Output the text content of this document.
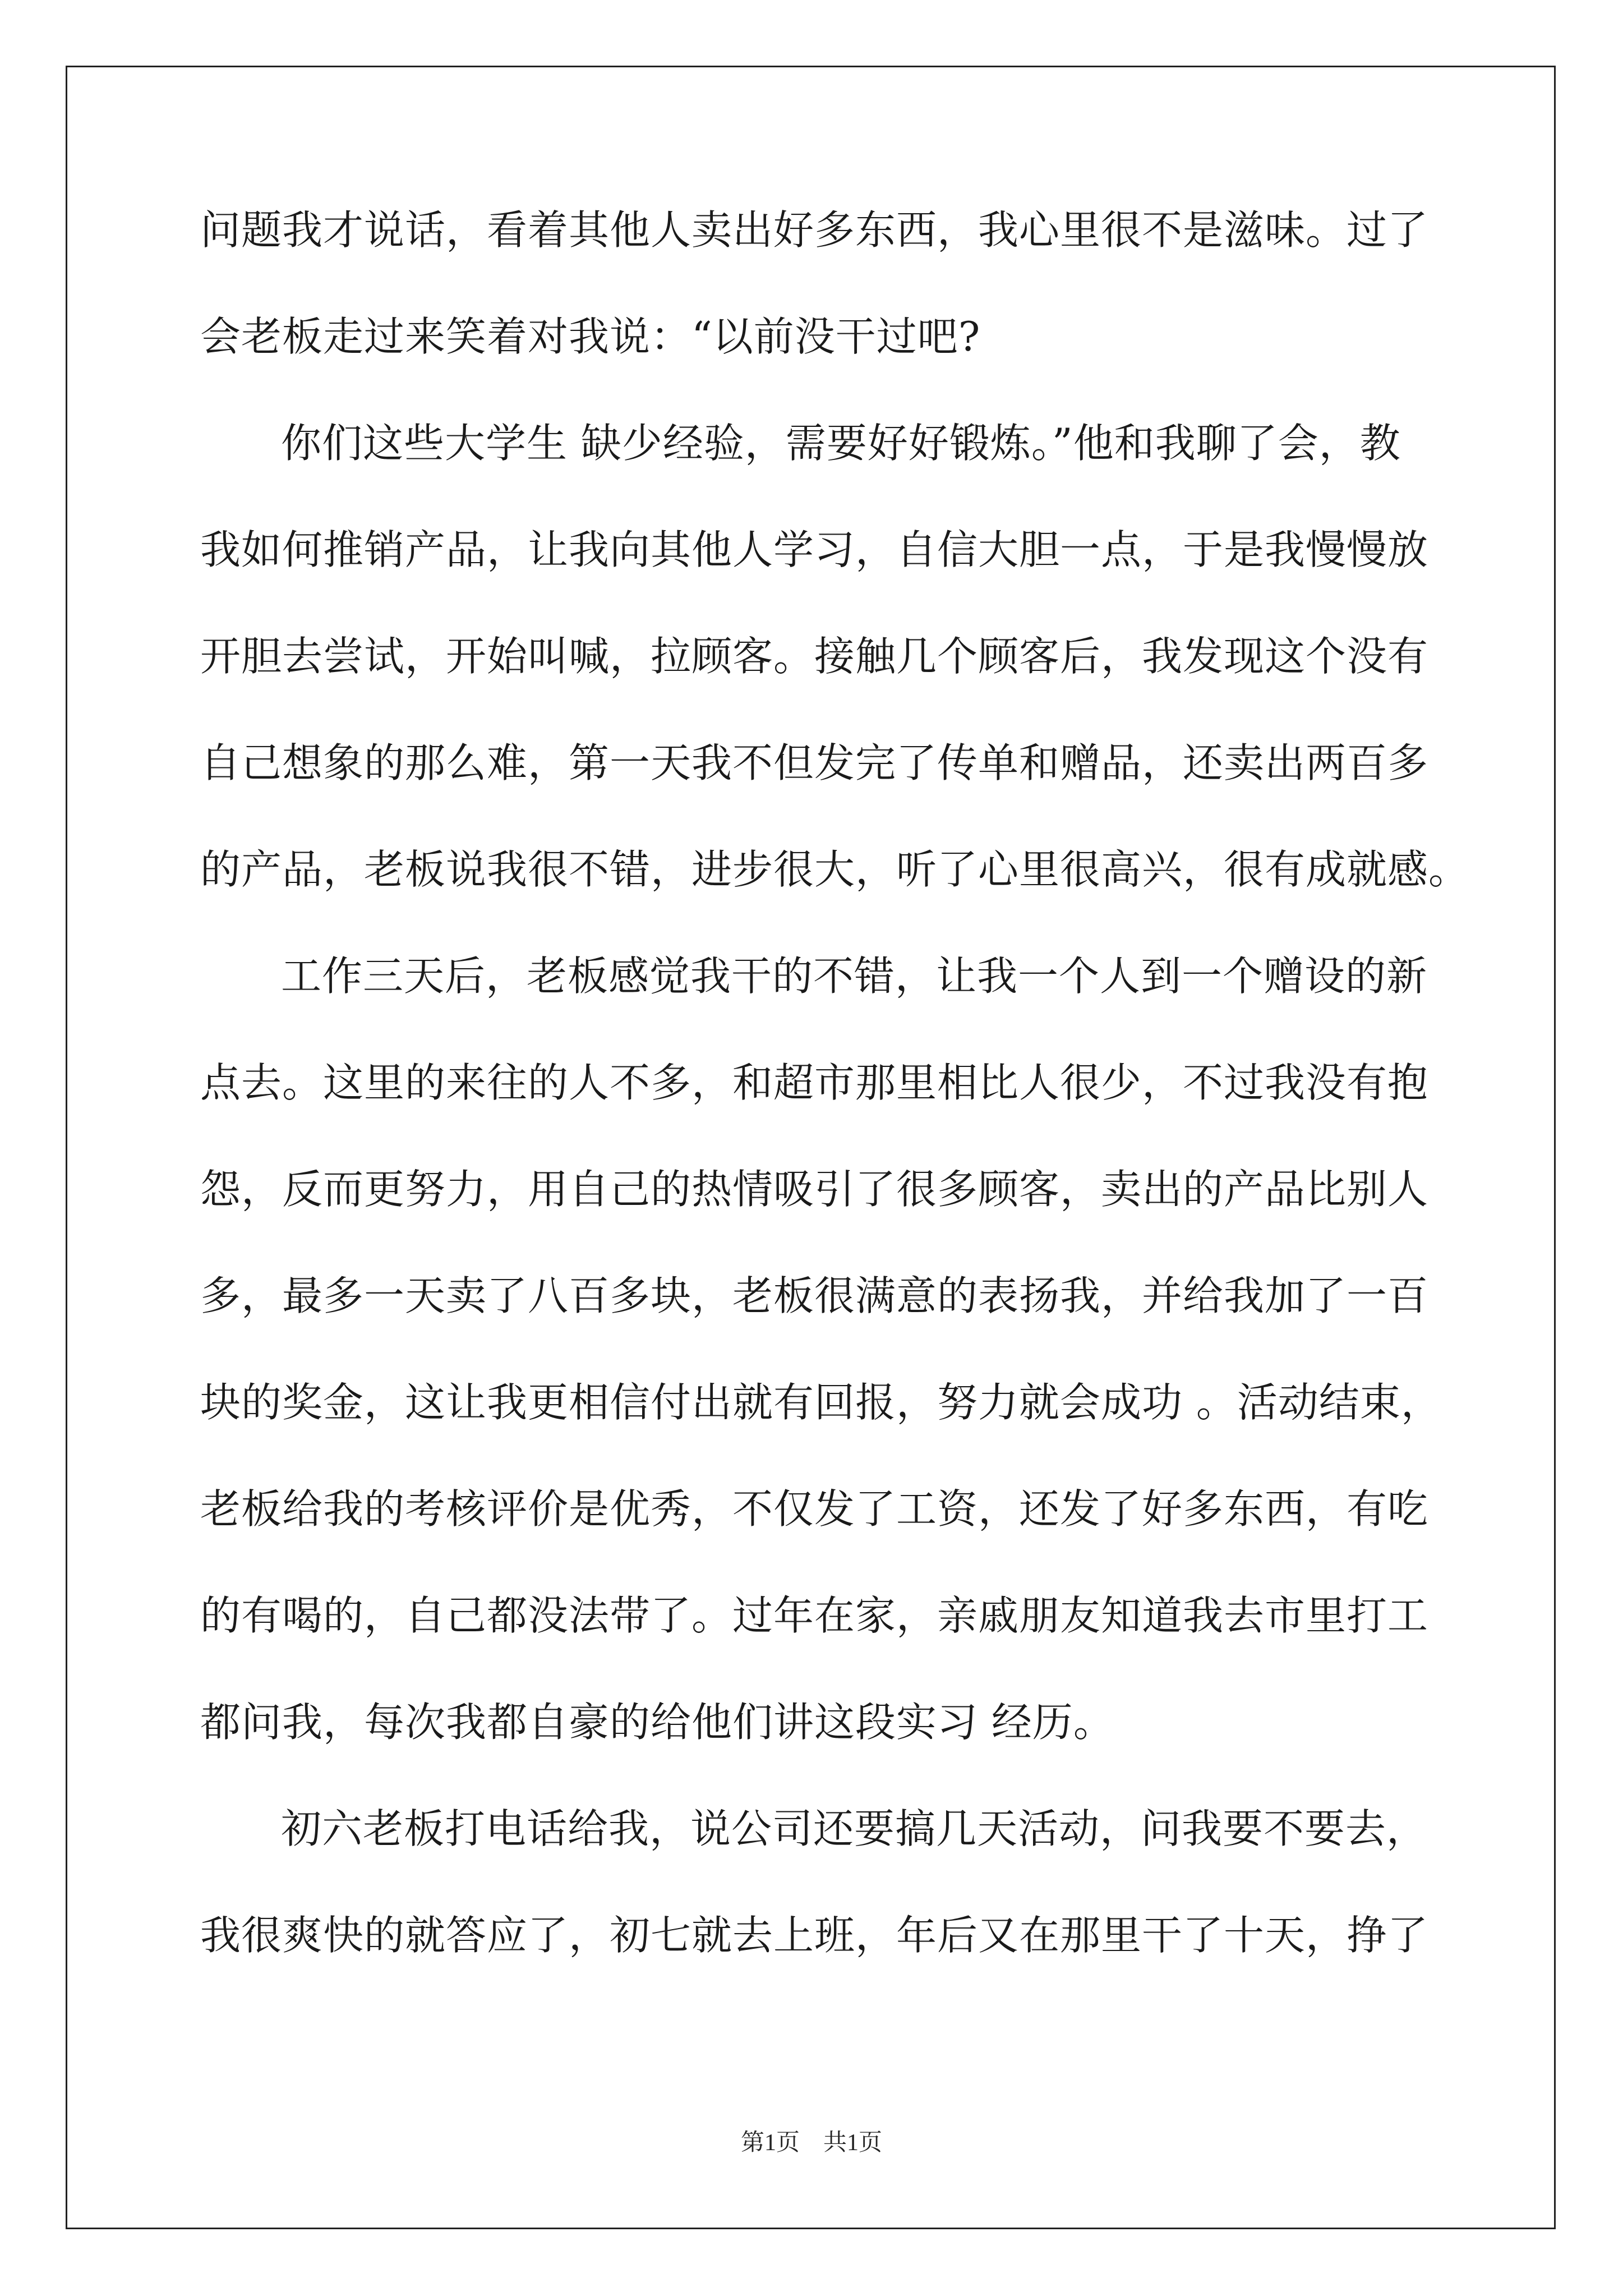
问题我才说话，看着其他人卖出好多东西，我心里很不是滋味。过了
会老板走过来笑着对我说：“以前没干过吧?
你们这些大学生 缺少经验，需要好好锻炼。”他和我聊了会，教
我如何推销产品，让我向其他人学习，自信大胆一点，于是我慢慢放
开胆去尝试，开始叫喊，拉顾客。接触几个顾客后，我发现这个没有
自己想象的那么难，第一天我不但发完了传单和赠品，还卖出两百多
的产品，老板说我很不错，进步很大，听了心里很高兴，很有成就感。
工作三天后，老板感觉我干的不错，让我一个人到一个赠设的新
点去。这里的来往的人不多，和超市那里相比人很少，不过我没有抱
怨，反而更努力，用自己的热情吸引了很多顾客，卖出的产品比别人
多，最多一天卖了八百多块，老板很满意的表扬我，并给我加了一百
块的奖金，这让我更相信付出就有回报，努力就会成功 。活动结束，
老板给我的考核评价是优秀，不仅发了工资，还发了好多东西，有吃
的有喝的，自己都没法带了。过年在家，亲戚朋友知道我去市里打工
都问我，每次我都自豪的给他们讲这段实习 经历。
初六老板打电话给我，说公司还要搞几天活动，问我要不要去，
我很爽快的就答应了，初七就去上班，年后又在那里干了十天，挣了
第1页　共1页
